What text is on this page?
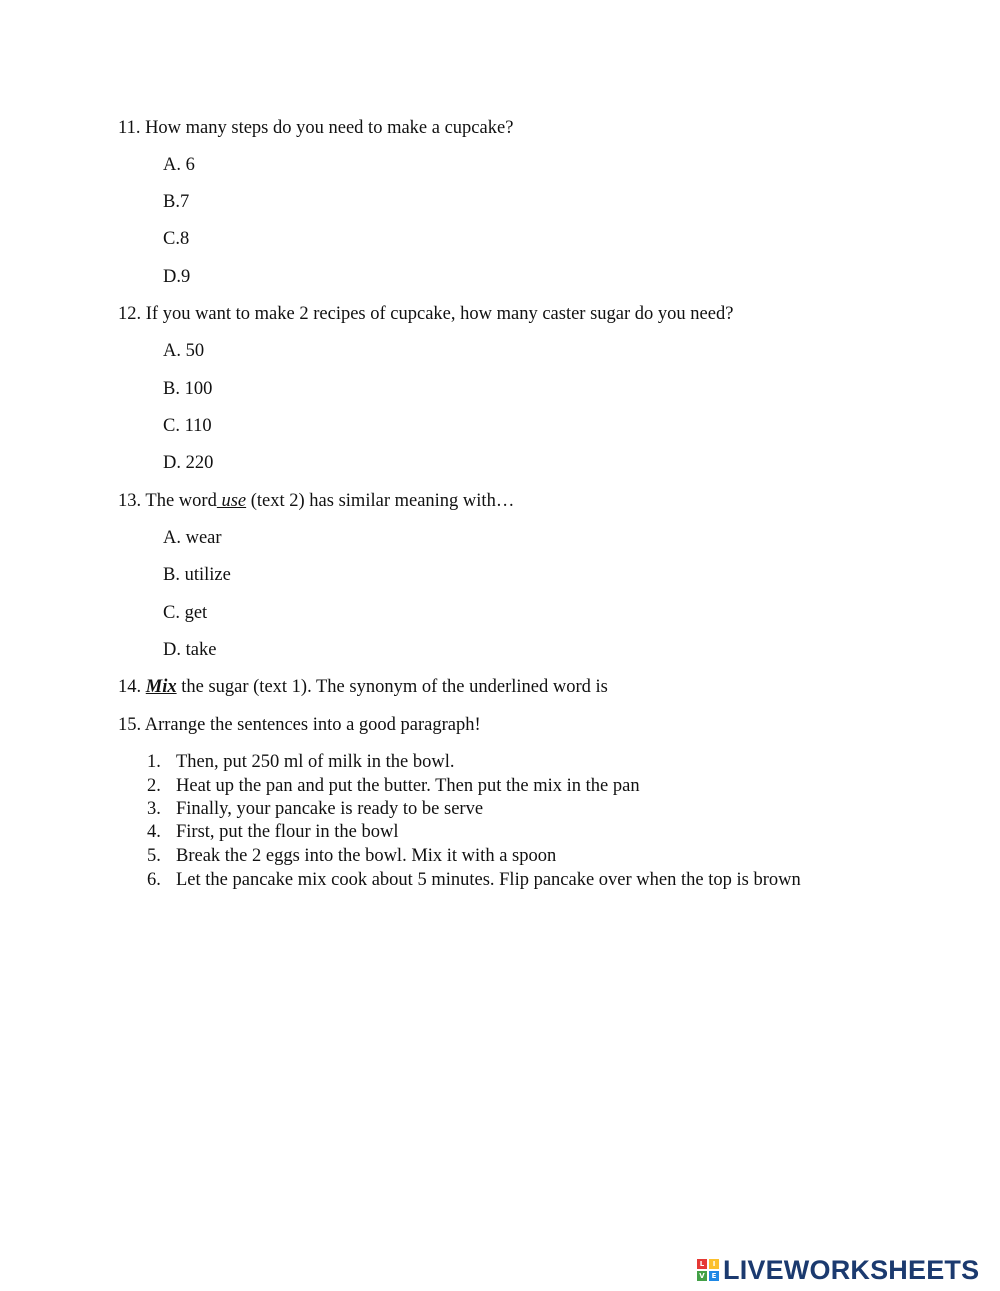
11. How many steps do you need to make a cupcake?
A. 6
B.7
C.8
D.9
12. If you want to make 2 recipes of cupcake, how many caster sugar do you need?
A. 50
B. 100
C. 110
D. 220
13. The word use (text 2) has similar meaning with…
A. wear
B. utilize
C. get
D. take
14. Mix the sugar (text 1). The synonym of the underlined word is
15. Arrange the sentences into a good paragraph!
1. Then, put 250 ml of milk in the bowl.
2. Heat up the pan and put the butter. Then put the mix in the pan
3. Finally, your pancake is ready to be serve
4. First, put the flour in the bowl
5. Break the 2 eggs into the bowl. Mix it with a spoon
6. Let the pancake mix cook about 5 minutes. Flip pancake over when the top is brown
L	I
V E LIVEWORKSHEETS
